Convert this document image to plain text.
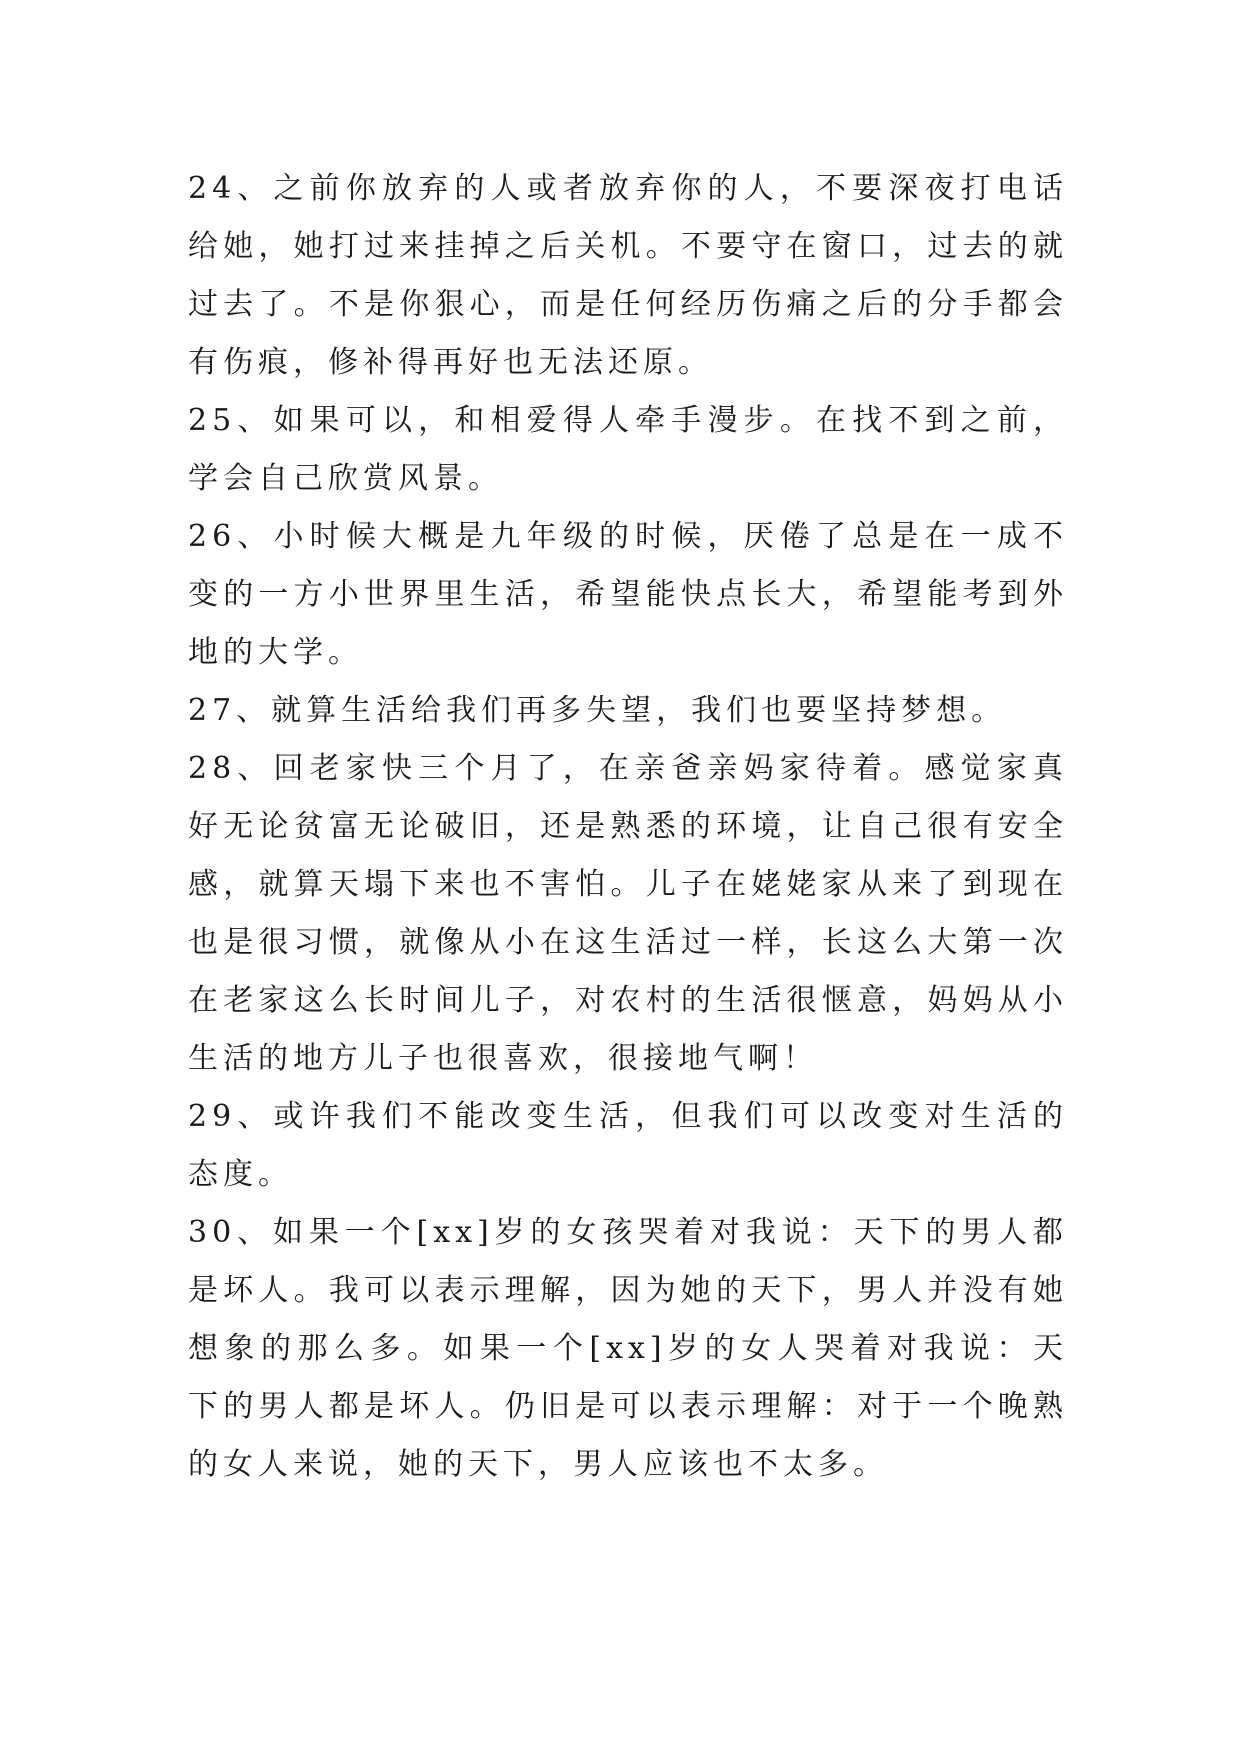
24、之前你放弃的人或者放弃你的人，不要深夜打电话给她，她打过来挂掉之后关机。不要守在窗口，过去的就过去了。不是你狠心，而是任何经历伤痛之后的分手都会有伤痕，修补得再好也无法还原。

25、如果可以，和相爱得人牵手漫步。在找不到之前，学会自己欣赏风景。

26、小时候大概是九年级的时候，厌倦了总是在一成不变的一方小世界里生活，希望能快点长大，希望能考到外地的大学。

27、就算生活给我们再多失望，我们也要坚持梦想。

28、回老家快三个月了，在亲爸亲妈家待着。感觉家真好无论贫富无论破旧，还是熟悉的环境，让自己很有安全感，就算天塌下来也不害怕。儿子在姥姥家从来了到现在也是很习惯，就像从小在这生活过一样，长这么大第一次在老家这么长时间儿子，对农村的生活很惬意，妈妈从小生活的地方儿子也很喜欢，很接地气啊！

29、或许我们不能改变生活，但我们可以改变对生活的态度。

30、如果一个[xx]岁的女孩哭着对我说：天下的男人都是坏人。我可以表示理解，因为她的天下，男人并没有她想象的那么多。如果一个[xx]岁的女人哭着对我说：天下的男人都是坏人。仍旧是可以表示理解：对于一个晚熟的女人来说，她的天下，男人应该也不太多。
